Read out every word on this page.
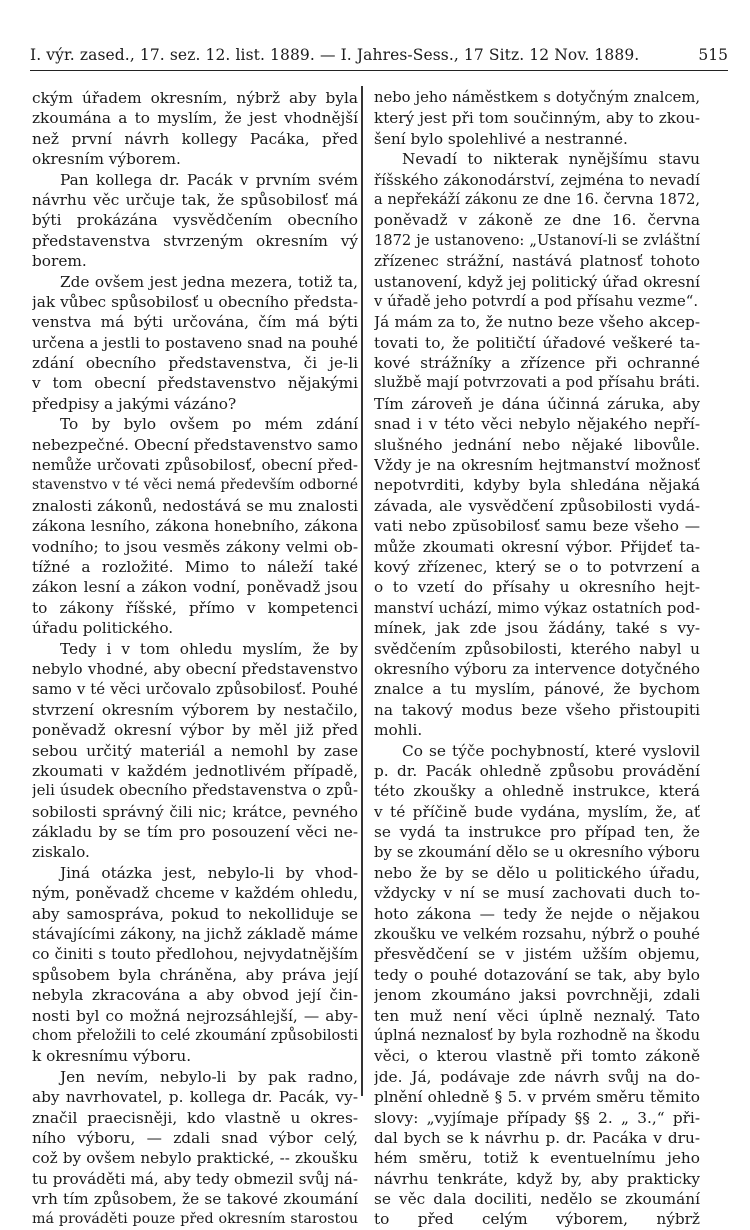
I. výr. zased., 17. sez. 12. list. 1889. — I. Jahres-Sess., 17 Sitz. 12 Nov. 1889.	515
ckým úřadem okresním, nýbrž aby byla
zkoumána a to myslím, že jest vhodnější
než první návrh kollegy Pacáka, před
okresním výborem.
Pan kollega dr. Pacák v prvním svém
návrhu věc určuje tak, že spůsobilosť má
býti prokázána vysvědčením obecního
představenstva stvrzeným okresním vý
borem.
Zde ovšem jest jedna mezera, totiž ta,
jak vůbec spůsobilosť u obecního předsta-
venstva má býti určována, čím má býti
určena a jestli to postaveno snad na pouhé
zdání obecního představenstva, či je-li
v tom obecní představenstvo nějakými
předpisy a jakými vázáno?
To by bylo ovšem po mém zdání
nebezpečné. Obecní představenstvo samo
nemůže určovati způsobilosť, obecní před-
stavenstvo v té věci nemá především odborné
znalosti zákonů, nedostává se mu znalosti
zákona lesního, zákona honebního, zákona
vodního; to jsou vesměs zákony velmi ob-
tížné a rozložité. Mimo to náleží také
zákon lesní a zákon vodní, poněvadž jsou
to zákony říšské, přímo v kompetenci
úřadu politického.
Tedy i v tom ohledu myslím, že by
nebylo vhodné, aby obecní představenstvo
samo v té věci určovalo způsobilosť. Pouhé
stvrzení okresním výborem by nestačilo,
poněvadž okresní výbor by měl již před
sebou určitý materiál a nemohl by zase
zkoumati v každém jednotlivém případě,
jeli úsudek obecního představenstva o způ-
sobilosti správný čili nic; krátce, pevného
základu by se tím pro posouzení věci ne-
ziskalo.
Jiná otázka jest, nebylo-li by vhod-
ným, poněvadž chceme v každém ohledu,
aby samospráva, pokud to nekolliduje se
stávajícími zákony, na jichž základě máme
co činiti s touto předlohou, nejvydatnějším
spůsobem byla chráněna, aby práva její
nebyla zkracována a aby obvod její čin-
nosti byl co možná nejrozsáhlejší, — aby-
chom přeložili to celé zkoumání způsobilosti
k okresnímu výboru.
Jen nevím, nebylo-li by pak radno,
aby navrhovatel, p. kollega dr. Pacák, vy-
značil praecisněji, kdo vlastně u okres-
ního výboru, — zdali snad výbor celý,
což by ovšem nebylo praktické, -- zkoušku
tu prováděti má, aby tedy obmezil svůj ná-
vrh tím způsobem, že se takové zkoumání
má prováděti pouze před okresním starostou
nebo jeho náměstkem s dotyčným znalcem,
který jest při tom součinným, aby to zkou-
šení bylo spolehlivé a nestranné.
Nevadí to nikterak nynějšímu stavu
říšského zákonodárství, zejména to nevadí
a nepřekáží zákonu ze dne 16. června 1872,
poněvadž v zákoně ze dne 16. června
1872 je ustanoveno: „Ustanoví-li se zvláštní
zřízenec strážní, nastává platnosť tohoto
ustanovení, když jej politický úřad okresní
v úřadě jeho potvrdí a pod přísahu vezme“.
Já mám za to, že nutno beze všeho akcep-
tovati to, že političtí úřadové veškeré ta-
kové strážníky a zřízence při ochranné
službě mají potvrzovati a pod přísahu bráti.
Tím zároveň je dána účinná záruka, aby
snad i v této věci nebylo nějakého nepří-
slušného jednání nebo nějaké libovůle.
Vždy je na okresním hejtmanství možnosť
nepotvrditi, kdyby byla shledána nějaká
závada, ale vysvědčení způsobilosti vydá-
vati nebo zpŭsobilosť samu beze všeho —
může zkoumati okresní výbor. Přijdeť ta-
kový zřízenec, který se o to potvrzení a
o to vzetí do přísahy u okresního hejt-
manství uchází, mimo výkaz ostatních pod-
mínek, jak zde jsou žádány, také s vy-
svědčením způsobilosti, kterého nabyl u
okresního výboru za intervence dotyčného
znalce a tu myslím, pánové, že bychom
na takový modus beze všeho přistoupiti
mohli.
Co se týče pochybností, které vyslovil
p. dr. Pacák ohledně způsobu provádění
této zkoušky a ohledně instrukce, která
v té příčině bude vydána, myslím, že, ať
se vydá ta instrukce pro případ ten, že
by se zkoumání dělo se u okresního výboru
nebo že by se dělo u politického úřadu,
vždycky v ní se musí zachovati duch to-
hoto zákona — tedy že nejde o nějakou
zkoušku ve velkém rozsahu, nýbrž o pouhé
přesvědčení se v jistém užším objemu,
tedy o pouhé dotazování se tak, aby bylo
jenom zkoumáno jaksi povrchněji, zdali
ten muž není věci úplně neznalý. Tato
úplná neznalosť by byla rozhodně na škodu
věci, o kterou vlastně při tomto zákoně
jde. Já, podávaje zde návrh svůj na do-
plnění ohledně § 5. v prvém směru těmito
slovy: „vyjímaje případy §§ 2. „ 3.,“ při-
dal bych se k návrhu p. dr. Pacáka v dru-
hém směru, totiž k eventuelnímu jeho
návrhu tenkráte, když by, aby prakticky
se věc dala dociliti, nedělo se zkoumání
to před celým výborem, nýbrž
